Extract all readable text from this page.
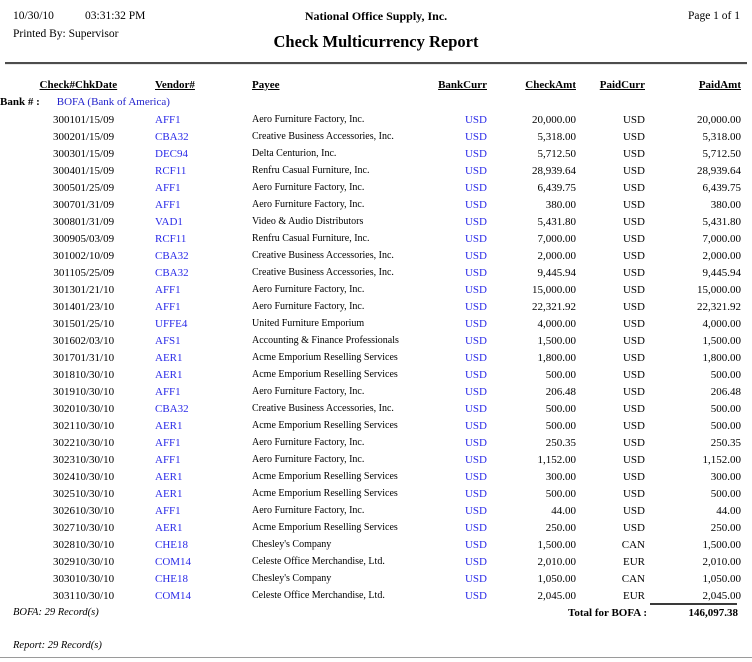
10/30/10	03:31:32 PM	National Office Supply, Inc.	Page 1 of 1
Printed By: Supervisor	Check Multicurrency Report
Check#	ChkDate	Vendor#	Payee	BankCurr	CheckAmt	PaidCurr	PaidAmt
Bank # : BOFA (Bank of America)							
3001	01/15/09	AFF1	Aero Furniture Factory, Inc.	USD	20,000.00	USD	20,000.00
3002	01/15/09	CBA32	Creative Business Accessories, Inc.	USD	5,318.00	USD	5,318.00
3003	01/15/09	DEC94	Delta Centurion, Inc.	USD	5,712.50	USD	5,712.50
3004	01/15/09	RCF11	Renfru Casual Furniture, Inc.	USD	28,939.64	USD	28,939.64
3005	01/25/09	AFF1	Aero Furniture Factory, Inc.	USD	6,439.75	USD	6,439.75
3007	01/31/09	AFF1	Aero Furniture Factory, Inc.	USD	380.00	USD	380.00
3008	01/31/09	VAD1	Video & Audio Distributors	USD	5,431.80	USD	5,431.80
3009	05/03/09	RCF11	Renfru Casual Furniture, Inc.	USD	7,000.00	USD	7,000.00
3010	02/10/09	CBA32	Creative Business Accessories, Inc.	USD	2,000.00	USD	2,000.00
3011	05/25/09	CBA32	Creative Business Accessories, Inc.	USD	9,445.94	USD	9,445.94
3013	01/21/10	AFF1	Aero Furniture Factory, Inc.	USD	15,000.00	USD	15,000.00
3014	01/23/10	AFF1	Aero Furniture Factory, Inc.	USD	22,321.92	USD	22,321.92
3015	01/25/10	UFFE4	United Furniture Emporium	USD	4,000.00	USD	4,000.00
3016	02/03/10	AFS1	Accounting & Finance Professionals	USD	1,500.00	USD	1,500.00
3017	01/31/10	AER1	Acme Emporium Reselling Services	USD	1,800.00	USD	1,800.00
3018	10/30/10	AER1	Acme Emporium Reselling Services	USD	500.00	USD	500.00
3019	10/30/10	AFF1	Aero Furniture Factory, Inc.	USD	206.48	USD	206.48
3020	10/30/10	CBA32	Creative Business Accessories, Inc.	USD	500.00	USD	500.00
3021	10/30/10	AER1	Acme Emporium Reselling Services	USD	500.00	USD	500.00
3022	10/30/10	AFF1	Aero Furniture Factory, Inc.	USD	250.35	USD	250.35
3023	10/30/10	AFF1	Aero Furniture Factory, Inc.	USD	1,152.00	USD	1,152.00
3024	10/30/10	AER1	Acme Emporium Reselling Services	USD	300.00	USD	300.00
3025	10/30/10	AER1	Acme Emporium Reselling Services	USD	500.00	USD	500.00
3026	10/30/10	AFF1	Aero Furniture Factory, Inc.	USD	44.00	USD	44.00
3027	10/30/10	AER1	Acme Emporium Reselling Services	USD	250.00	USD	250.00
3028	10/30/10	CHE18	Chesley's Company	USD	1,500.00	CAN	1,500.00
3029	10/30/10	COM14	Celeste Office Merchandise, Ltd.	USD	2,010.00	EUR	2,010.00
3030	10/30/10	CHE18	Chesley's Company	USD	1,050.00	CAN	1,050.00
3031	10/30/10	COM14	Celeste Office Merchandise, Ltd.	USD	2,045.00	EUR	2,045.00
BOFA: 29 Record(s)	Total for BOFA :	146,097.38
Report: 29 Record(s)
